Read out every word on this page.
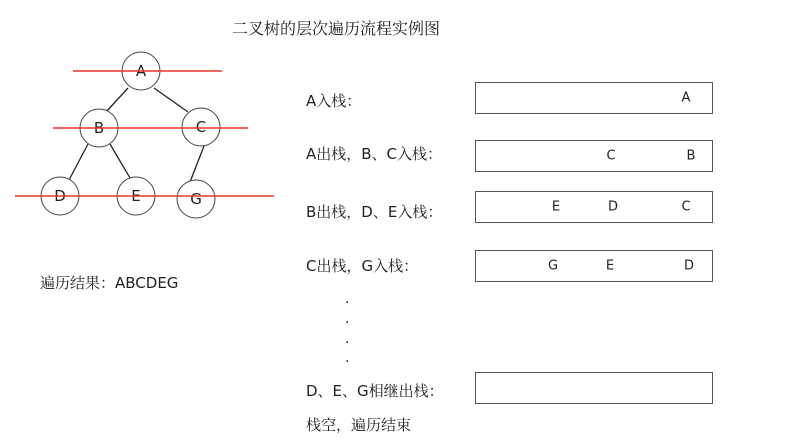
二叉树的层次遍历流程实例图
A
B	C
D	E	G
遍历结果：ABCDEG
A入栈：	A
A出栈，B、C入栈：	C	B
B出栈，D、E入栈：	E	D	C
C出栈，G入栈：	G	E	D
.
.
.
.
D、E、G相继出栈：
栈空，遍历结束
